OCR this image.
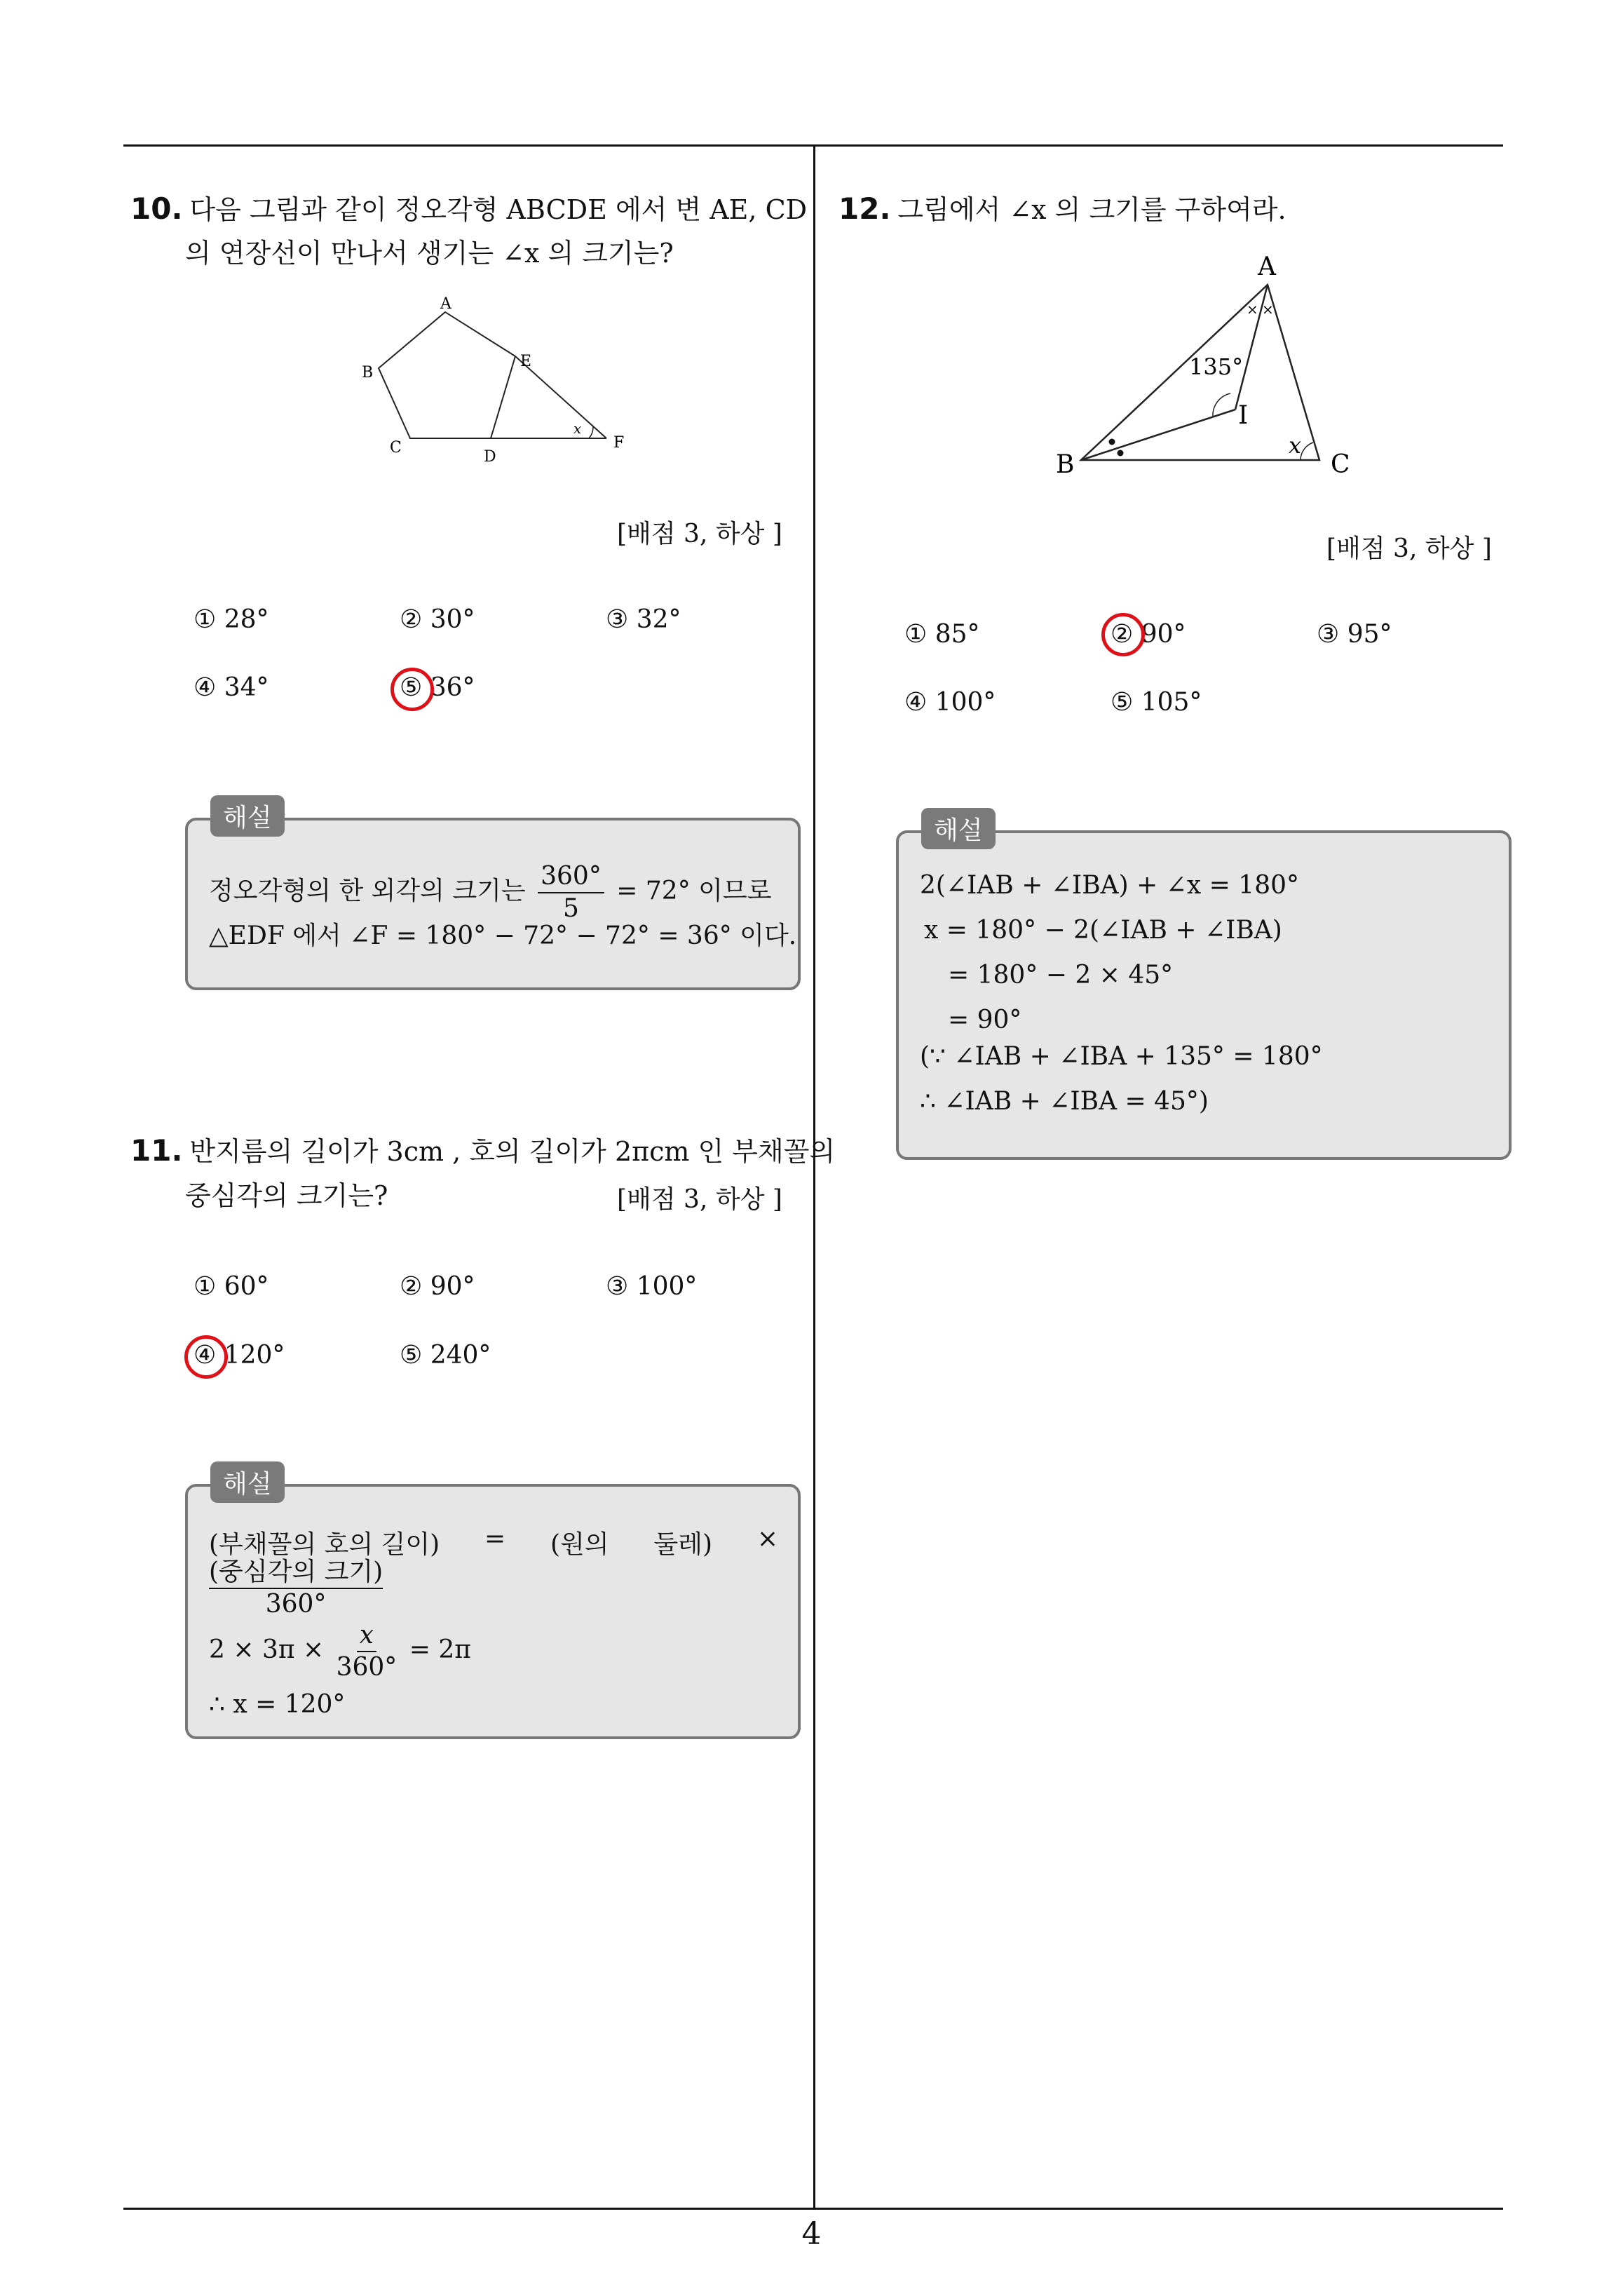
10. 다음 그림과 같이 정오각형 ABCDE 에서 변 AE, CD
의 연장선이 만나서 생기는 ∠x 의 크기는?
A
B
C
D
E
F
x
[배점 3, 하상 ]
① 28°	② 30°	③ 32°
④ 34°	⑤ 36°
정오각형의 한 외각의 크기는 $\frac{360^\circ}{5} = 72^\circ$ 이므로
△EDF 에서 ∠F = 180° − 72° − 72° = 36° 이다.
해설
11. 반지름의 길이가 3cm , 호의 길이가 2πcm 인 부채꼴의
중심각의 크기는?	[배점 3, 하상 ]
① 60°	② 90°	③ 100°
④ 120°	⑤ 240°
(부채꼴의 호의 길이) = (원의 둘레) ×
(중심각의 크기)
360°
$2 \times 3\pi \times \frac{x}{360^\circ} = 2\pi$
∴ x = 120°
해설
12. 그림에서 ∠x 의 크기를 구하여라.
× ×
A
B	C
I
135°
x
[배점 3, 하상 ]
① 85°	② 90°	③ 95°
④ 100°	⑤ 105°
2(∠IAB + ∠IBA) + ∠x = 180°
x = 180° − 2(∠IAB + ∠IBA)
= 180° − 2 × 45°
= 90°
(∵ ∠IAB + ∠IBA + 135° = 180°
∴ ∠IAB + ∠IBA = 45°)
해설
4
